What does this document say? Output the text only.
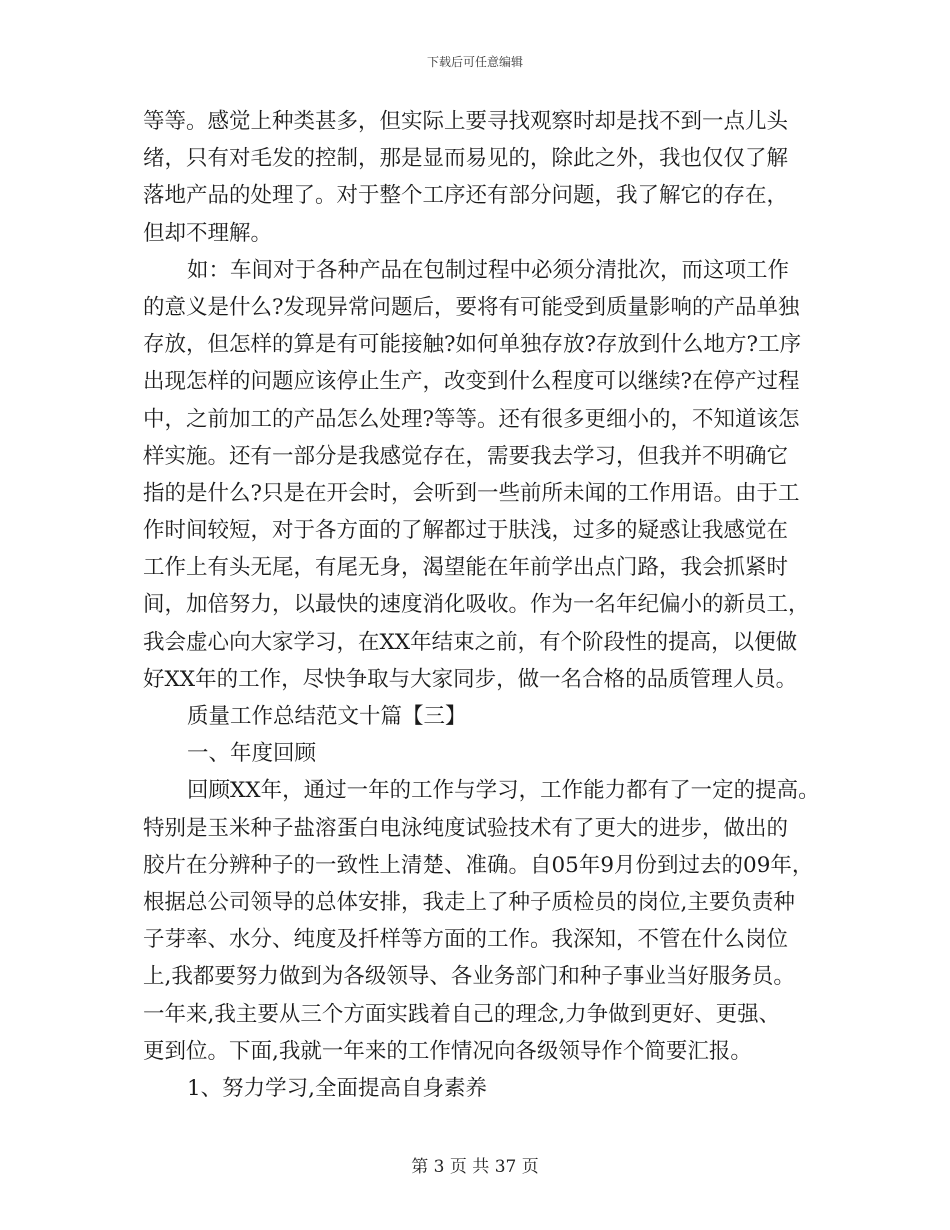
下载后可任意编辑
等等。感觉上种类甚多，但实际上要寻找观察时却是找不到一点儿头
绪，只有对毛发的控制，那是显而易见的，除此之外，我也仅仅了解
落地产品的处理了。对于整个工序还有部分问题，我了解它的存在，
但却不理解。
如：车间对于各种产品在包制过程中必须分清批次，而这项工作
的意义是什么?发现异常问题后，要将有可能受到质量影响的产品单独
存放，但怎样的算是有可能接触?如何单独存放?存放到什么地方?工序
出现怎样的问题应该停止生产，改变到什么程度可以继续?在停产过程
中，之前加工的产品怎么处理?等等。还有很多更细小的，不知道该怎
样实施。还有一部分是我感觉存在，需要我去学习，但我并不明确它
指的是什么?只是在开会时，会听到一些前所未闻的工作用语。由于工
作时间较短，对于各方面的了解都过于肤浅，过多的疑惑让我感觉在
工作上有头无尾，有尾无身，渴望能在年前学出点门路，我会抓紧时
间，加倍努力，以最快的速度消化吸收。作为一名年纪偏小的新员工，
我会虚心向大家学习，在XX年结束之前，有个阶段性的提高，以便做
好XX年的工作，尽快争取与大家同步，做一名合格的品质管理人员。
质量工作总结范文十篇【三】
一、年度回顾
回顾XX年，通过一年的工作与学习，工作能力都有了一定的提高。
特别是玉米种子盐溶蛋白电泳纯度试验技术有了更大的进步，做出的
胶片在分辨种子的一致性上清楚、准确。自05年9月份到过去的09年，
根据总公司领导的总体安排，我走上了种子质检员的岗位,主要负责种
子芽率、水分、纯度及扦样等方面的工作。我深知，不管在什么岗位
上,我都要努力做到为各级领导、各业务部门和种子事业当好服务员。
一年来,我主要从三个方面实践着自己的理念,力争做到更好、更强、
更到位。下面,我就一年来的工作情况向各级领导作个简要汇报。
1、努力学习,全面提高自身素养
第 3 页 共 37 页
